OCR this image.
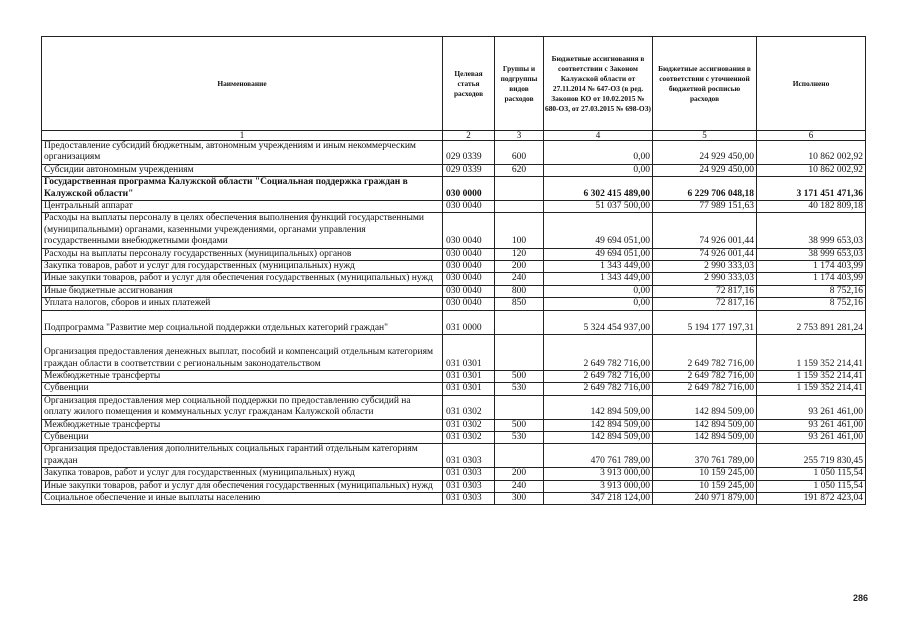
Наименование	Целевая статья расходов	Группы и подгруппы видов расходов	Бюджетные ассигнования в соответствии с Законом Калужской области от 27.11.2014 № 647-ОЗ (в ред. Законов КО от 10.02.2015 № 680-ОЗ, от 27.03.2015 № 698-ОЗ)	Бюджетные ассигнования в соответствии с уточненной бюджетной росписью расходов	Исполнено
1	2	3	4	5	6
Предоставление субсидий бюджетным, автономным учреждениям и иным некоммерческим организациям	029 0339	600	0,00	24 929 450,00	10 862 002,92
Субсидии автономным учреждениям	029 0339	620	0,00	24 929 450,00	10 862 002,92
Государственная программа Калужской области "Социальная поддержка граждан в Калужской области"	030 0000		6 302 415 489,00	6 229 706 048,18	3 171 451 471,36
Центральный аппарат	030 0040		51 037 500,00	77 989 151,63	40 182 809,18
Расходы на выплаты персоналу в целях обеспечения выполнения функций государственными (муниципальными) органами, казенными учреждениями, органами управления государственными внебюджетными фондами	030 0040	100	49 694 051,00	74 926 001,44	38 999 653,03
Расходы на выплаты персоналу государственных (муниципальных) органов	030 0040	120	49 694 051,00	74 926 001,44	38 999 653,03
Закупка товаров, работ и услуг для государственных (муниципальных) нужд	030 0040	200	1 343 449,00	2 990 333,03	1 174 403,99
Иные закупки товаров, работ и услуг для обеспечения государственных (муниципальных) нужд	030 0040	240	1 343 449,00	2 990 333,03	1 174 403,99
Иные бюджетные ассигнования	030 0040	800	0,00	72 817,16	8 752,16
Уплата налогов, сборов и иных платежей	030 0040	850	0,00	72 817,16	8 752,16
Подпрограмма "Развитие мер социальной поддержки отдельных категорий граждан"	031 0000		5 324 454 937,00	5 194 177 197,31	2 753 891 281,24
Организация предоставления денежных выплат, пособий и компенсаций отдельным категориям граждан области в соответствии с региональным законодательством	031 0301		2 649 782 716,00	2 649 782 716,00	1 159 352 214,41
Межбюджетные трансферты	031 0301	500	2 649 782 716,00	2 649 782 716,00	1 159 352 214,41
Субвенции	031 0301	530	2 649 782 716,00	2 649 782 716,00	1 159 352 214,41
Организация предоставления мер социальной поддержки по предоставлению субсидий на оплату жилого помещения и коммунальных услуг гражданам Калужской области	031 0302		142 894 509,00	142 894 509,00	93 261 461,00
Межбюджетные трансферты	031 0302	500	142 894 509,00	142 894 509,00	93 261 461,00
Субвенции	031 0302	530	142 894 509,00	142 894 509,00	93 261 461,00
Организация предоставления дополнительных социальных гарантий отдельным категориям граждан	031 0303		470 761 789,00	370 761 789,00	255 719 830,45
Закупка товаров, работ и услуг для государственных (муниципальных) нужд	031 0303	200	3 913 000,00	10 159 245,00	1 050 115,54
Иные закупки товаров, работ и услуг для обеспечения государственных (муниципальных) нужд	031 0303	240	3 913 000,00	10 159 245,00	1 050 115,54
Социальное обеспечение и иные выплаты населению	031 0303	300	347 218 124,00	240 971 879,00	191 872 423,04
286
